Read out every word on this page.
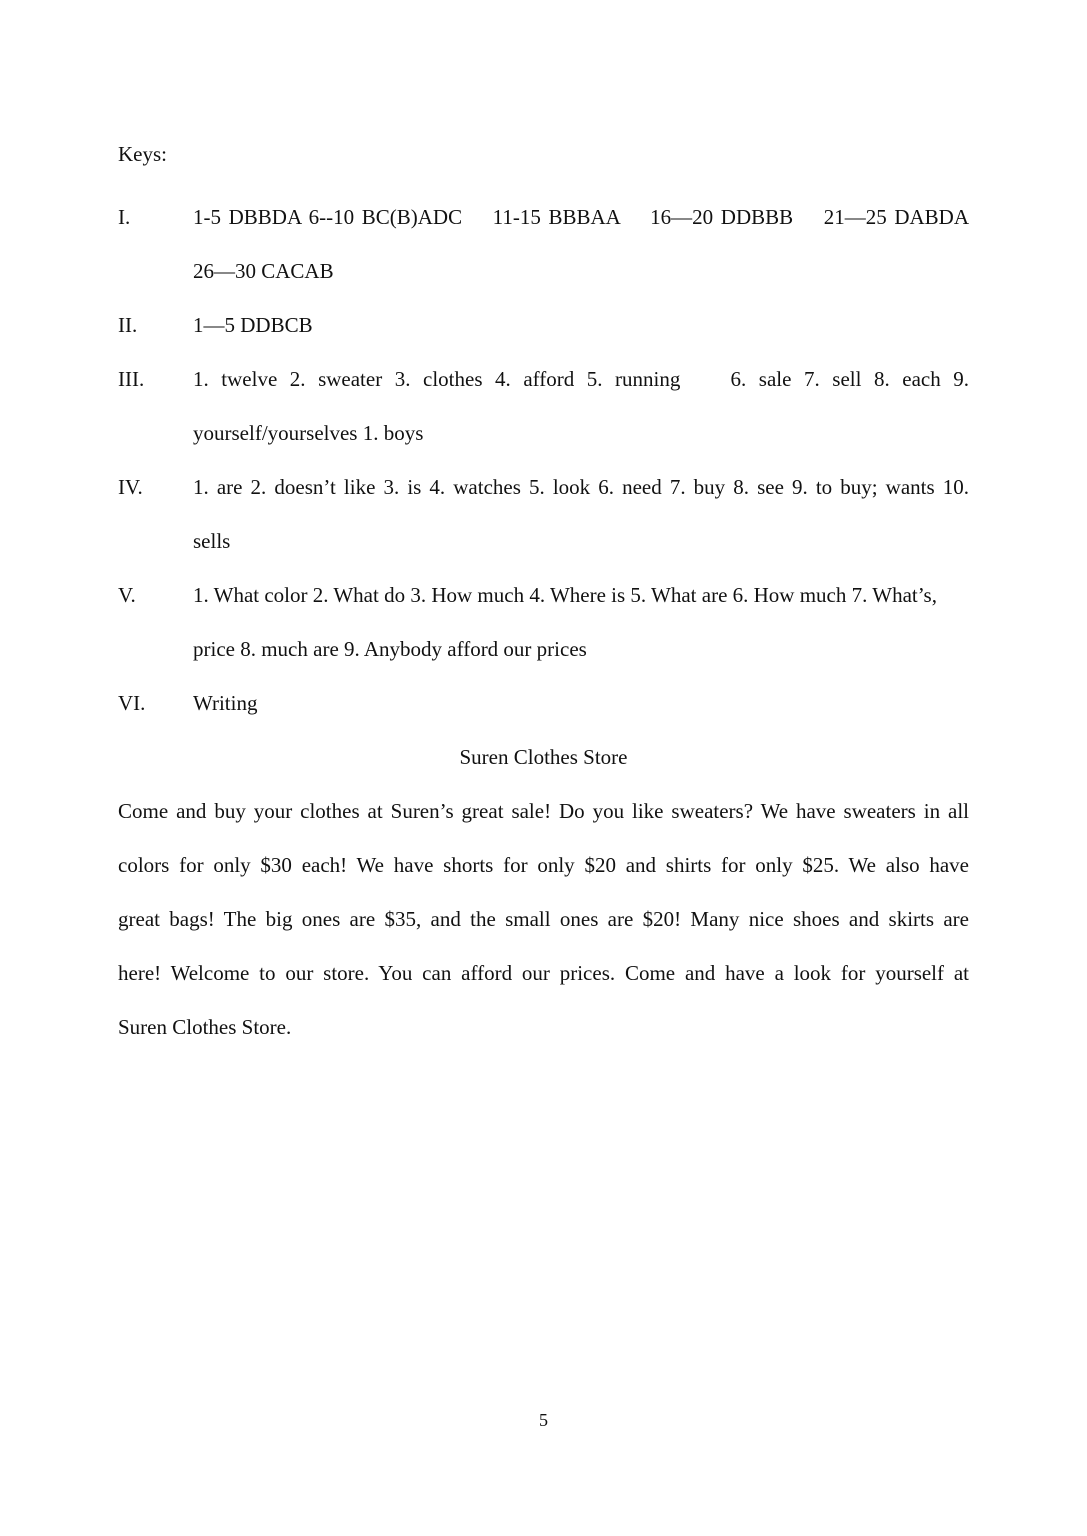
Keys:
I.	1-5 DBBDA 6--10 BC(B)ADC    11-15 BBBAA    16—20 DDBBB    21—25 DABDA
26—30 CACAB
II.	1—5 DDBCB
III.	1. twelve 2. sweater 3. clothes 4. afford 5. running    6. sale 7. sell 8. each 9.
yourself/yourselves 1. boys
IV.	1. are 2. doesn’t like 3. is 4. watches 5. look 6. need 7. buy 8. see 9. to buy; wants 10.
sells
V.	1. What color 2. What do 3. How much 4. Where is 5. What are 6. How much 7. What’s,
price 8. much are 9. Anybody afford our prices
VI.	Writing
Suren Clothes Store
Come and buy your clothes at Suren’s great sale! Do you like sweaters? We have sweaters in all
colors for only $30 each! We have shorts for only $20 and shirts for only $25. We also have
great bags! The big ones are $35, and the small ones are $20! Many nice shoes and skirts are
here! Welcome to our store. You can afford our prices. Come and have a look for yourself at
Suren Clothes Store.
5
